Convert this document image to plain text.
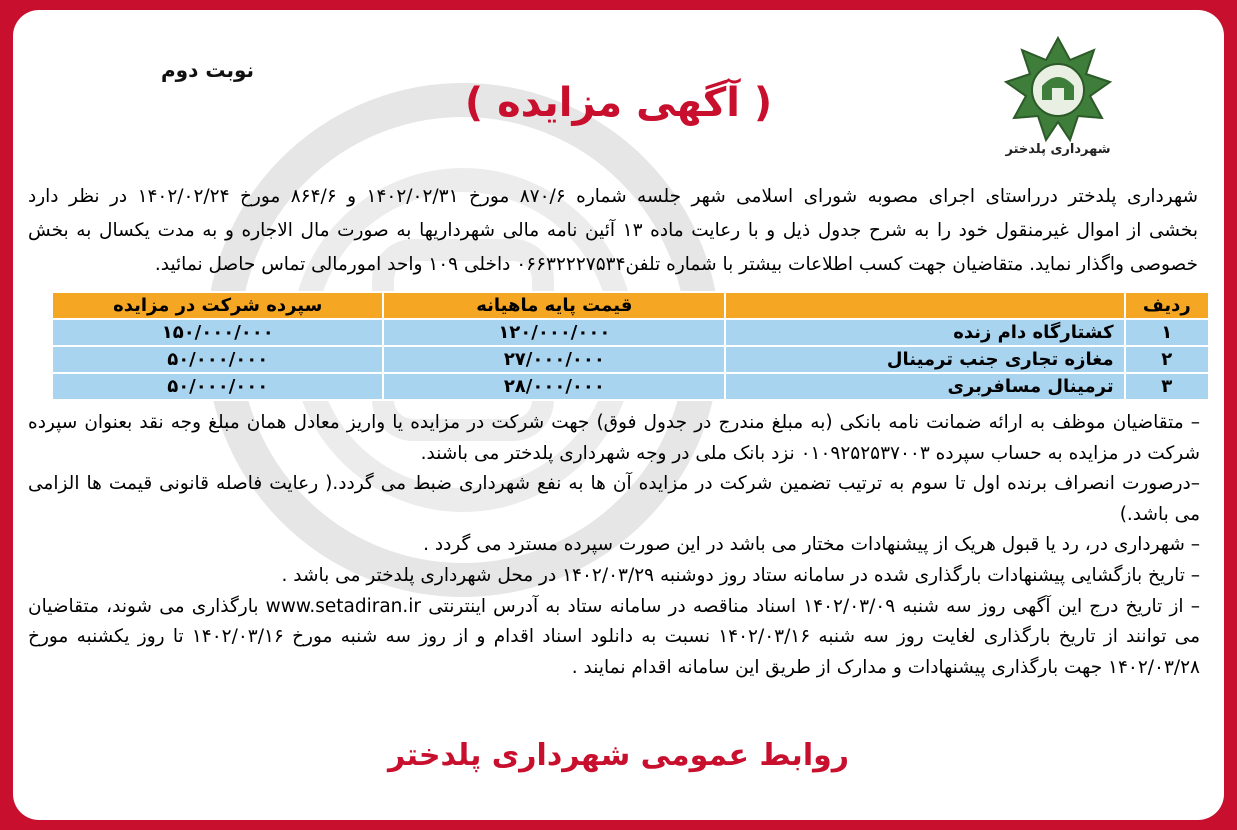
نوبت دوم
( آگهی مزایده )
شهرداری پلدختر
شهرداری پلدختر درراستای اجرای مصوبه شورای اسلامی شهر جلسه شماره ۸۷۰/۶ مورخ ۱۴۰۲/۰۲/۳۱ و ۸۶۴/۶ مورخ ۱۴۰۲/۰۲/۲۴ در نظر دارد
بخشی از اموال غیرمنقول خود را به شرح جدول ذیل و با رعایت ماده ۱۳ آئین نامه مالی شهرداریها به صورت مال الاجاره و به مدت یکسال به بخش
خصوصی واگذار نماید. متقاضیان جهت کسب اطلاعات بیشتر با شماره تلفن۰۶۶۳۲۲۲۷۵۳۴ داخلی ۱۰۹ واحد امورمالی تماس حاصل نمائید.
ردیف		قیمت پایه ماهیانه	سپرده شرکت در مزایده
۱	کشتارگاه دام زنده	۱۲۰/۰۰۰/۰۰۰	۱۵۰/۰۰۰/۰۰۰
۲	مغازه تجاری جنب ترمینال	۲۷/۰۰۰/۰۰۰	۵۰/۰۰۰/۰۰۰
۳	ترمینال مسافربری	۲۸/۰۰۰/۰۰۰	۵۰/۰۰۰/۰۰۰

– متقاضیان موظف به ارائه ضمانت نامه بانکی (به مبلغ مندرج در جدول فوق) جهت شرکت در مزایده یا واریز معادل همان مبلغ وجه نقد بعنوان سپرده شرکت در مزایده به حساب سپرده ۰۱۰۹۲۵۲۵۳۷۰۰۳ نزد بانک ملی در وجه شهرداری پلدختر می باشند.

–درصورت انصراف برنده اول تا سوم به ترتیب تضمین شرکت در مزایده آن ها به نفع شهرداری ضبط می گردد.( رعایت فاصله قانونی قیمت ها الزامی می باشد.)

– شهرداری در، رد یا قبول هریک از پیشنهادات مختار می باشد در این صورت سپرده مسترد می گردد .

– تاریخ بازگشایی پیشنهادات بارگذاری شده در سامانه ستاد روز دوشنبه ۱۴۰۲/۰۳/۲۹ در محل شهرداری پلدختر می باشد .

– از تاریخ درج این آگهی روز سه شنبه ۱۴۰۲/۰۳/۰۹ اسناد مناقصه در سامانه ستاد به آدرس اینترنتی www.setadiran.ir بارگذاری می شوند، متقاضیان می توانند از تاریخ بارگذاری لغایت روز سه شنبه ۱۴۰۲/۰۳/۱۶ نسبت به دانلود اسناد اقدام و از روز سه شنبه مورخ ۱۴۰۲/۰۳/۱۶ تا روز یکشنبه مورخ ۱۴۰۲/۰۳/۲۸ جهت بارگذاری پیشنهادات و مدارک از طریق این سامانه اقدام نمایند .

روابط عمومی شهرداری پلدختر
